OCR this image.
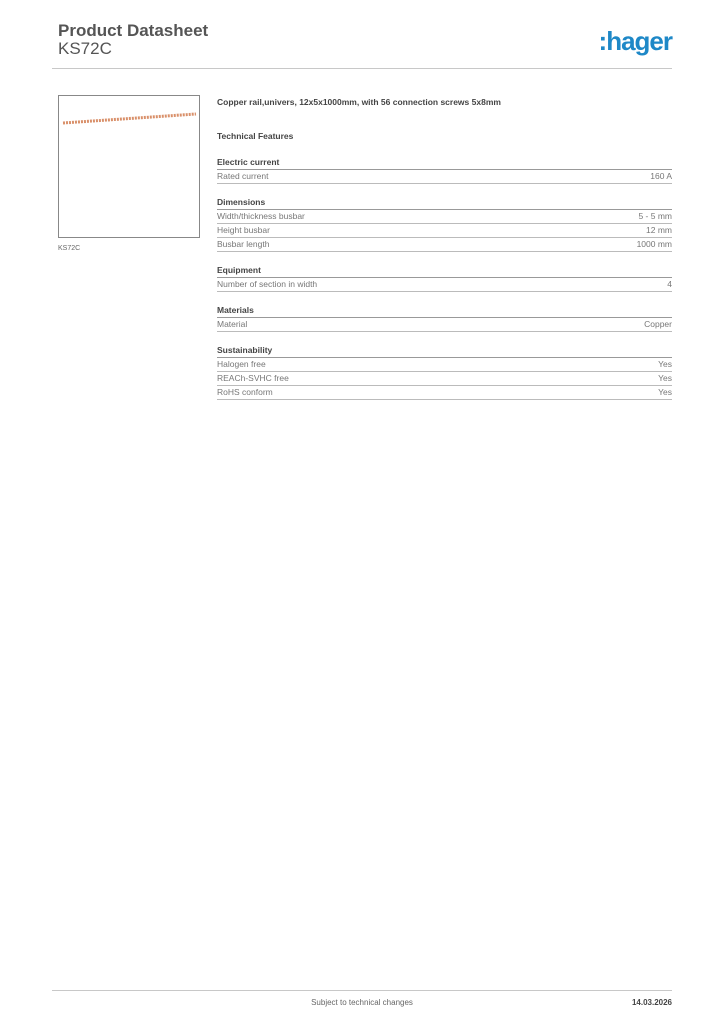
Product Datasheet
KS72C	:hager
KS72C
Copper rail,univers, 12x5x1000mm, with 56 connection screws 5x8mm
Technical Features
Electric current
Rated current	160 A
Dimensions
Width/thickness busbar	5 - 5 mm
Height busbar	12 mm
Busbar length	1000 mm
Equipment
Number of section in width	4
Materials
Material	Copper
Sustainability
Halogen free	Yes
REACh-SVHC free	Yes
RoHS conform	Yes
Subject to technical changes	14.03.2026
